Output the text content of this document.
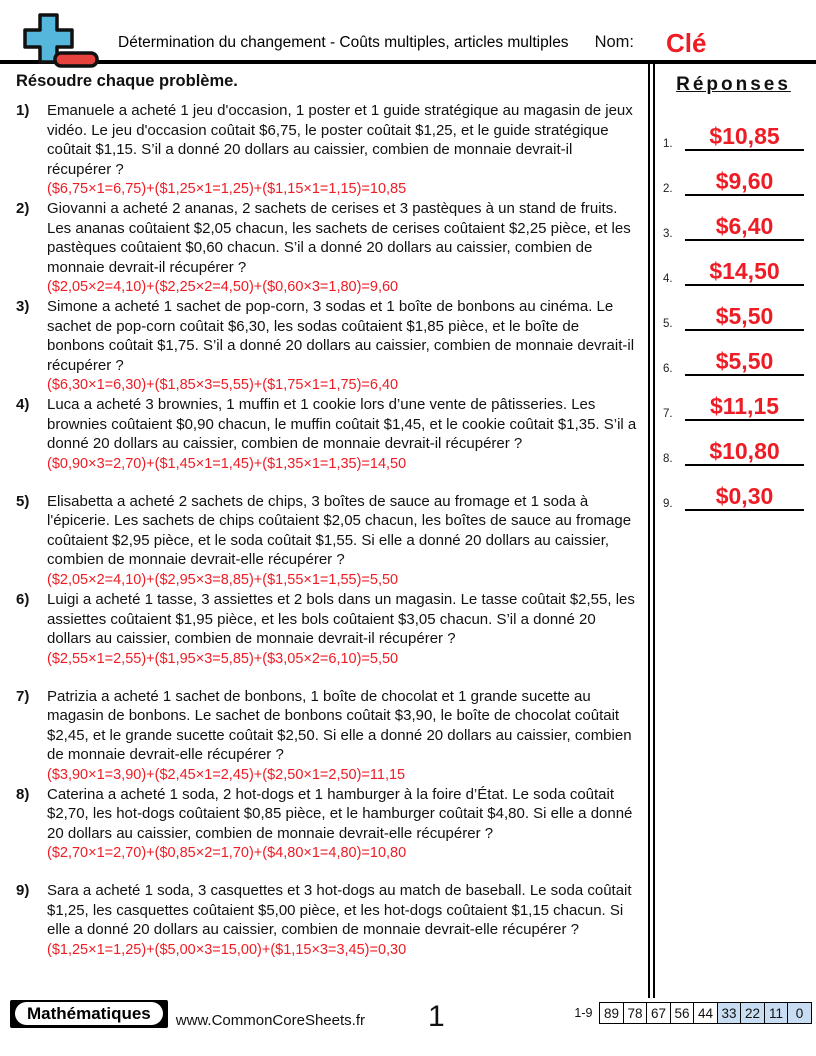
Détermination du changement - Coûts multiples, articles multiples	Nom:	Clé
Résoudre chaque problème.
1)	Emanuele a acheté 1 jeu d'occasion, 1 poster et 1 guide stratégique au magasin de jeux vidéo. Le jeu d'occasion coûtait $6,75, le poster coûtait $1,25, et le guide stratégique coûtait $1,15. S’il a donné 20 dollars au caissier, combien de monnaie devrait-il récupérer ?
($6,75×1=6,75)+($1,25×1=1,25)+($1,15×1=1,15)=10,85
2)	Giovanni a acheté 2 ananas, 2 sachets de cerises et 3 pastèques à un stand de fruits. Les ananas coûtaient $2,05 chacun, les sachets de cerises coûtaient $2,25 pièce, et les pastèques coûtaient $0,60 chacun. S’il a donné 20 dollars au caissier, combien de monnaie devrait-il récupérer ?
($2,05×2=4,10)+($2,25×2=4,50)+($0,60×3=1,80)=9,60
3)	Simone a acheté 1 sachet de pop-corn, 3 sodas et 1 boîte de bonbons au cinéma. Le sachet de pop-corn coûtait $6,30, les sodas coûtaient $1,85 pièce, et le boîte de bonbons coûtait $1,75. S’il a donné 20 dollars au caissier, combien de monnaie devrait-il récupérer ?
($6,30×1=6,30)+($1,85×3=5,55)+($1,75×1=1,75)=6,40
4)	Luca a acheté 3 brownies, 1 muffin et 1 cookie lors d’une vente de pâtisseries. Les brownies coûtaient $0,90 chacun, le muffin coûtait $1,45, et le cookie coûtait $1,35. S’il a donné 20 dollars au caissier, combien de monnaie devrait-il récupérer ?
($0,90×3=2,70)+($1,45×1=1,45)+($1,35×1=1,35)=14,50
5)	Elisabetta a acheté 2 sachets de chips, 3 boîtes de sauce au fromage et 1 soda à l'épicerie. Les sachets de chips coûtaient $2,05 chacun, les boîtes de sauce au fromage coûtaient $2,95 pièce, et le soda coûtait $1,55. Si elle a donné 20 dollars au caissier, combien de monnaie devrait-elle récupérer ?
($2,05×2=4,10)+($2,95×3=8,85)+($1,55×1=1,55)=5,50
6)	Luigi a acheté 1 tasse, 3 assiettes et 2 bols dans un magasin. Le tasse coûtait $2,55, les assiettes coûtaient $1,95 pièce, et les bols coûtaient $3,05 chacun. S’il a donné 20 dollars au caissier, combien de monnaie devrait-il récupérer ?
($2,55×1=2,55)+($1,95×3=5,85)+($3,05×2=6,10)=5,50
7)	Patrizia a acheté 1 sachet de bonbons, 1 boîte de chocolat et 1 grande sucette au magasin de bonbons. Le sachet de bonbons coûtait $3,90, le boîte de chocolat coûtait $2,45, et le grande sucette coûtait $2,50. Si elle a donné 20 dollars au caissier, combien de monnaie devrait-elle récupérer ?
($3,90×1=3,90)+($2,45×1=2,45)+($2,50×1=2,50)=11,15
8)	Caterina a acheté 1 soda, 2 hot-dogs et 1 hamburger à la foire d’État. Le soda coûtait $2,70, les hot-dogs coûtaient $0,85 pièce, et le hamburger coûtait $4,80. Si elle a donné 20 dollars au caissier, combien de monnaie devrait-elle récupérer ?
($2,70×1=2,70)+($0,85×2=1,70)+($4,80×1=4,80)=10,80
9)	Sara a acheté 1 soda, 3 casquettes et 3 hot-dogs au match de baseball. Le soda coûtait $1,25, les casquettes coûtaient $5,00 pièce, et les hot-dogs coûtaient $1,15 chacun. Si elle a donné 20 dollars au caissier, combien de monnaie devrait-elle récupérer ?
($1,25×1=1,25)+($5,00×3=15,00)+($1,15×3=3,45)=0,30
Réponses
1.	$10,85
2.	$9,60
3.	$6,40
4.	$14,50
5.	$5,50
6.	$5,50
7.	$11,15
8.	$10,80
9.	$0,30
Mathématiques	www.CommonCoreSheets.fr 1	1-9 89 78 67 56 44 33 22 11 0
